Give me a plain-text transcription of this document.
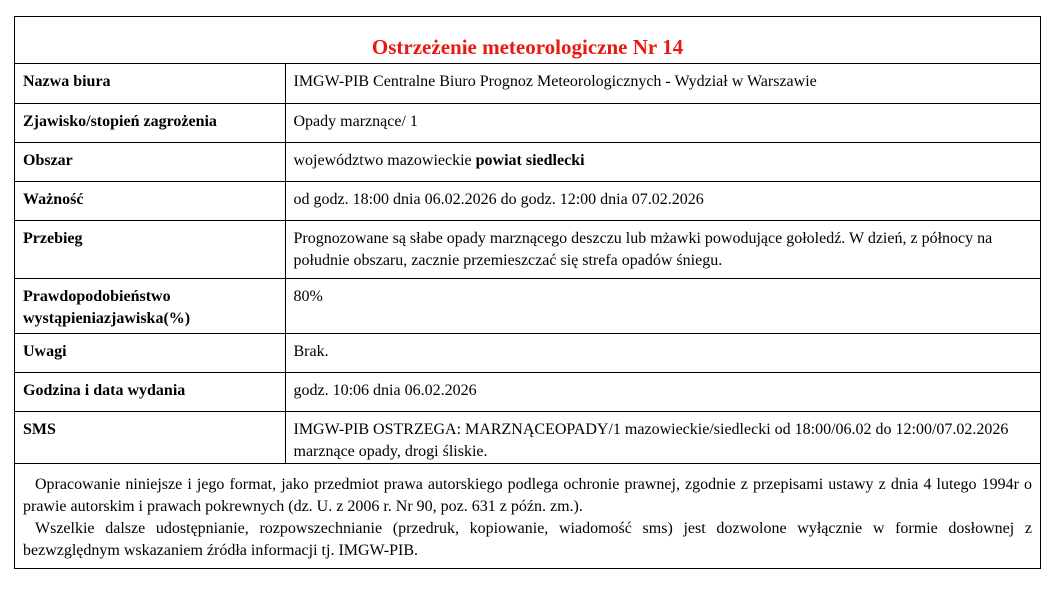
Ostrzeżenie meteorologiczne Nr 14
Nazwa biura	IMGW-PIB Centralne Biuro Prognoz Meteorologicznych - Wydział w Warszawie
Zjawisko/stopień zagrożenia	Opady marznące/ 1
Obszar	województwo mazowieckie powiat siedlecki
Ważność	od godz. 18:00 dnia 06.02.2026 do godz. 12:00 dnia 07.02.2026
Przebieg	Prognozowane są słabe opady marznącego deszczu lub mżawki powodujące gołoledź. W dzień, z północy na południe obszaru, zacznie przemieszczać się strefa opadów śniegu.
Prawdopodobieństwo wystąpieniazjawiska(%)	80%
Uwagi	Brak.
Godzina i data wydania	godz. 10:06 dnia 06.02.2026
SMS	IMGW-PIB OSTRZEGA: MARZNĄCEOPADY/1 mazowieckie/siedlecki od 18:00/06.02 do 12:00/07.02.2026 marznące opady, drogi śliskie.

Opracowanie niniejsze i jego format, jako przedmiot prawa autorskiego podlega ochronie prawnej, zgodnie z przepisami ustawy z dnia 4 lutego 1994r o prawie autorskim i prawach pokrewnych (dz. U. z 2006 r. Nr 90, poz. 631 z późn. zm.).

Wszelkie dalsze udostępnianie, rozpowszechnianie (przedruk, kopiowanie, wiadomość sms) jest dozwolone wyłącznie w formie dosłownej z bezwzględnym wskazaniem źródła informacji tj. IMGW-PIB.
